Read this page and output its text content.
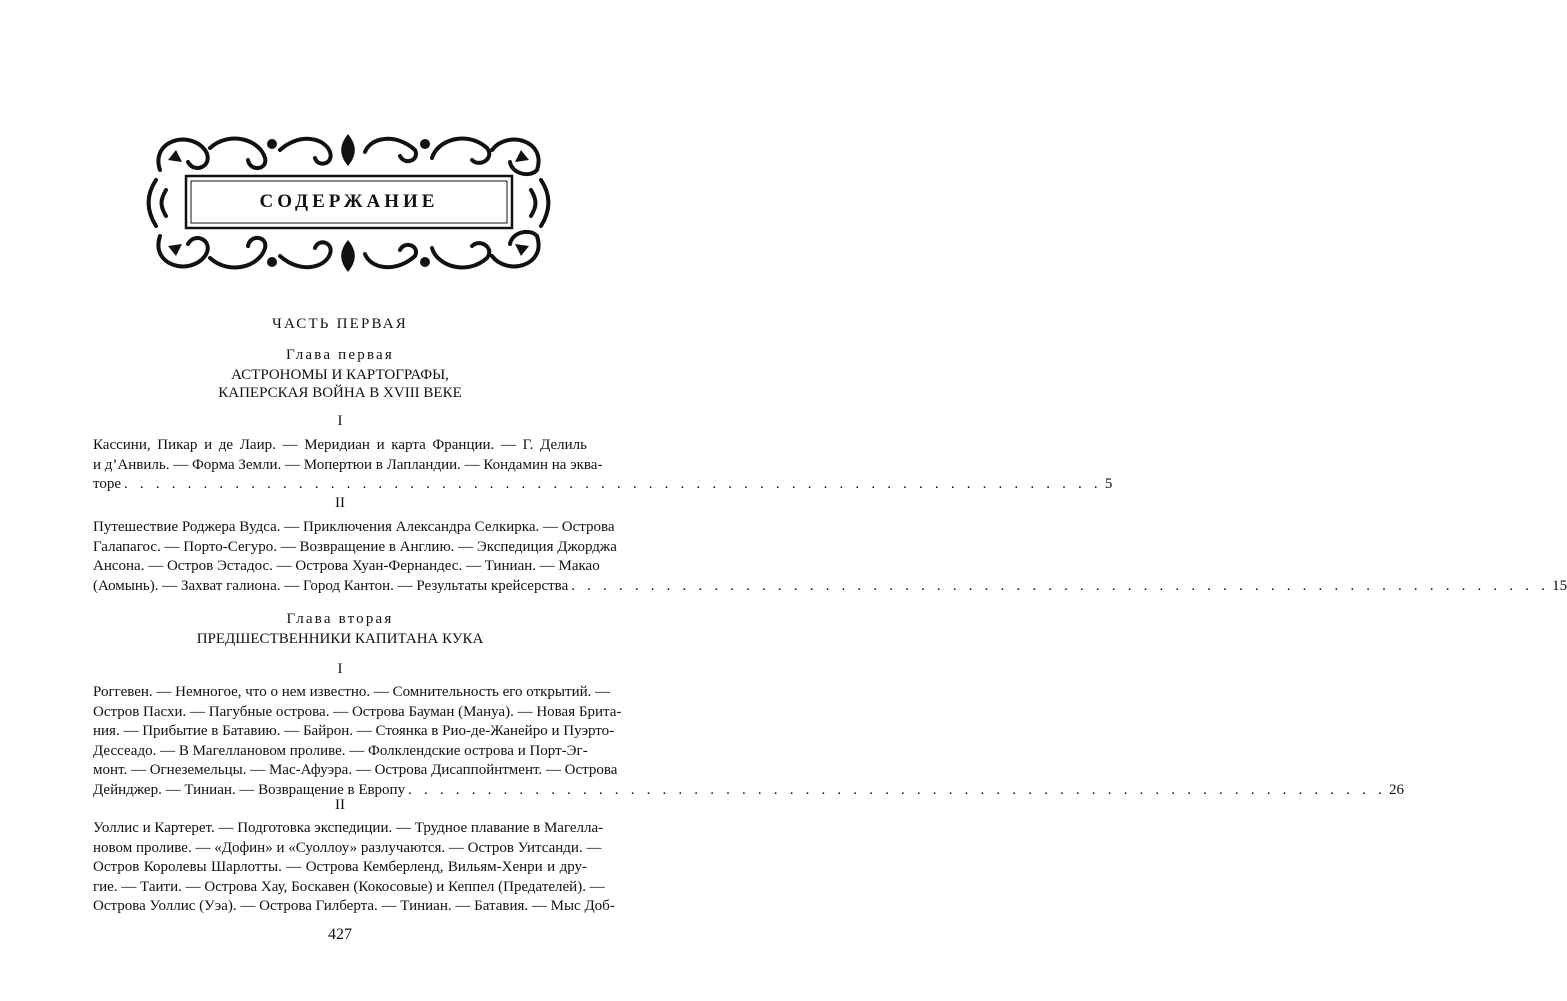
СОДЕРЖАНИЕ
ЧАСТЬ ПЕРВАЯ
Глава первая
АСТРОНОМЫ И КАРТОГРАФЫ,
КАПЕРСКАЯ ВОЙНА В XVIII ВЕКЕ
I
Кассини, Пикар и де Лаир. — Меридиан и карта Франции. — Г. Делиль
и д’Анвиль. — Форма Земли. — Мопертюи в Лапландии. — Кондамин на эква-
торе . . . . . . . . . . . . . . . . . . . . . . . . . . . . . . . . . . . . . . . . . . . . . . . . . . . . . . . . . . . . . . 5
II
Путешествие Роджера Вудса. — Приключения Александра Селкирка. — Острова
Галапагос. — Порто-Сегуро. — Возвращение в Англию. — Экспедиция Джорджа
Ансона. — Остров Эстадос. — Острова Хуан-Фернандес. — Тиниан. — Макао
(Аомынь). — Захват галиона. — Город Кантон. — Результаты крейсерства . . . . . . . . . . . . . . . . . . . . . . . . . . . . . . . . . . . . . . . . . . . . . . . . . . . . . . . . . . . . . . 15
Глава вторая
ПРЕДШЕСТВЕННИКИ КАПИТАНА КУКА
I
Роггевен. — Немногое, что о нем известно. — Сомнительность его открытий. —
Остров Пасхи. — Пагубные острова. — Острова Бауман (Мануа). — Новая Брита-
ния. — Прибытие в Батавию. — Байрон. — Стоянка в Рио-де-Жанейро и Пуэрто-
Дессеадо. — В Магеллановом проливе. — Фолклендские острова и Порт-Эг-
монт. — Огнеземельцы. — Мас-Афуэра. — Острова Дисаппойнтмент. — Острова
Дейнджер. — Тиниан. — Возвращение в Европу . . . . . . . . . . . . . . . . . . . . . . . . . . . . . . . . . . . . . . . . . . . . . . . . . . . . . . . . . . . . . . 26
II
Уоллис и Картерет. — Подготовка экспедиции. — Трудное плавание в Магелла-
новом проливе. — «Дофин» и «Суоллоу» разлучаются. — Остров Уитсанди. —
Остров Королевы Шарлотты. — Острова Кемберленд, Вильям-Хенри и дру-
гие. — Таити. — Острова Хау, Боскавен (Кокосовые) и Кеппел (Предателей). —
Острова Уоллис (Уэа). — Острова Гилберта. — Тиниан. — Батавия. — Мыс Доб-
427
